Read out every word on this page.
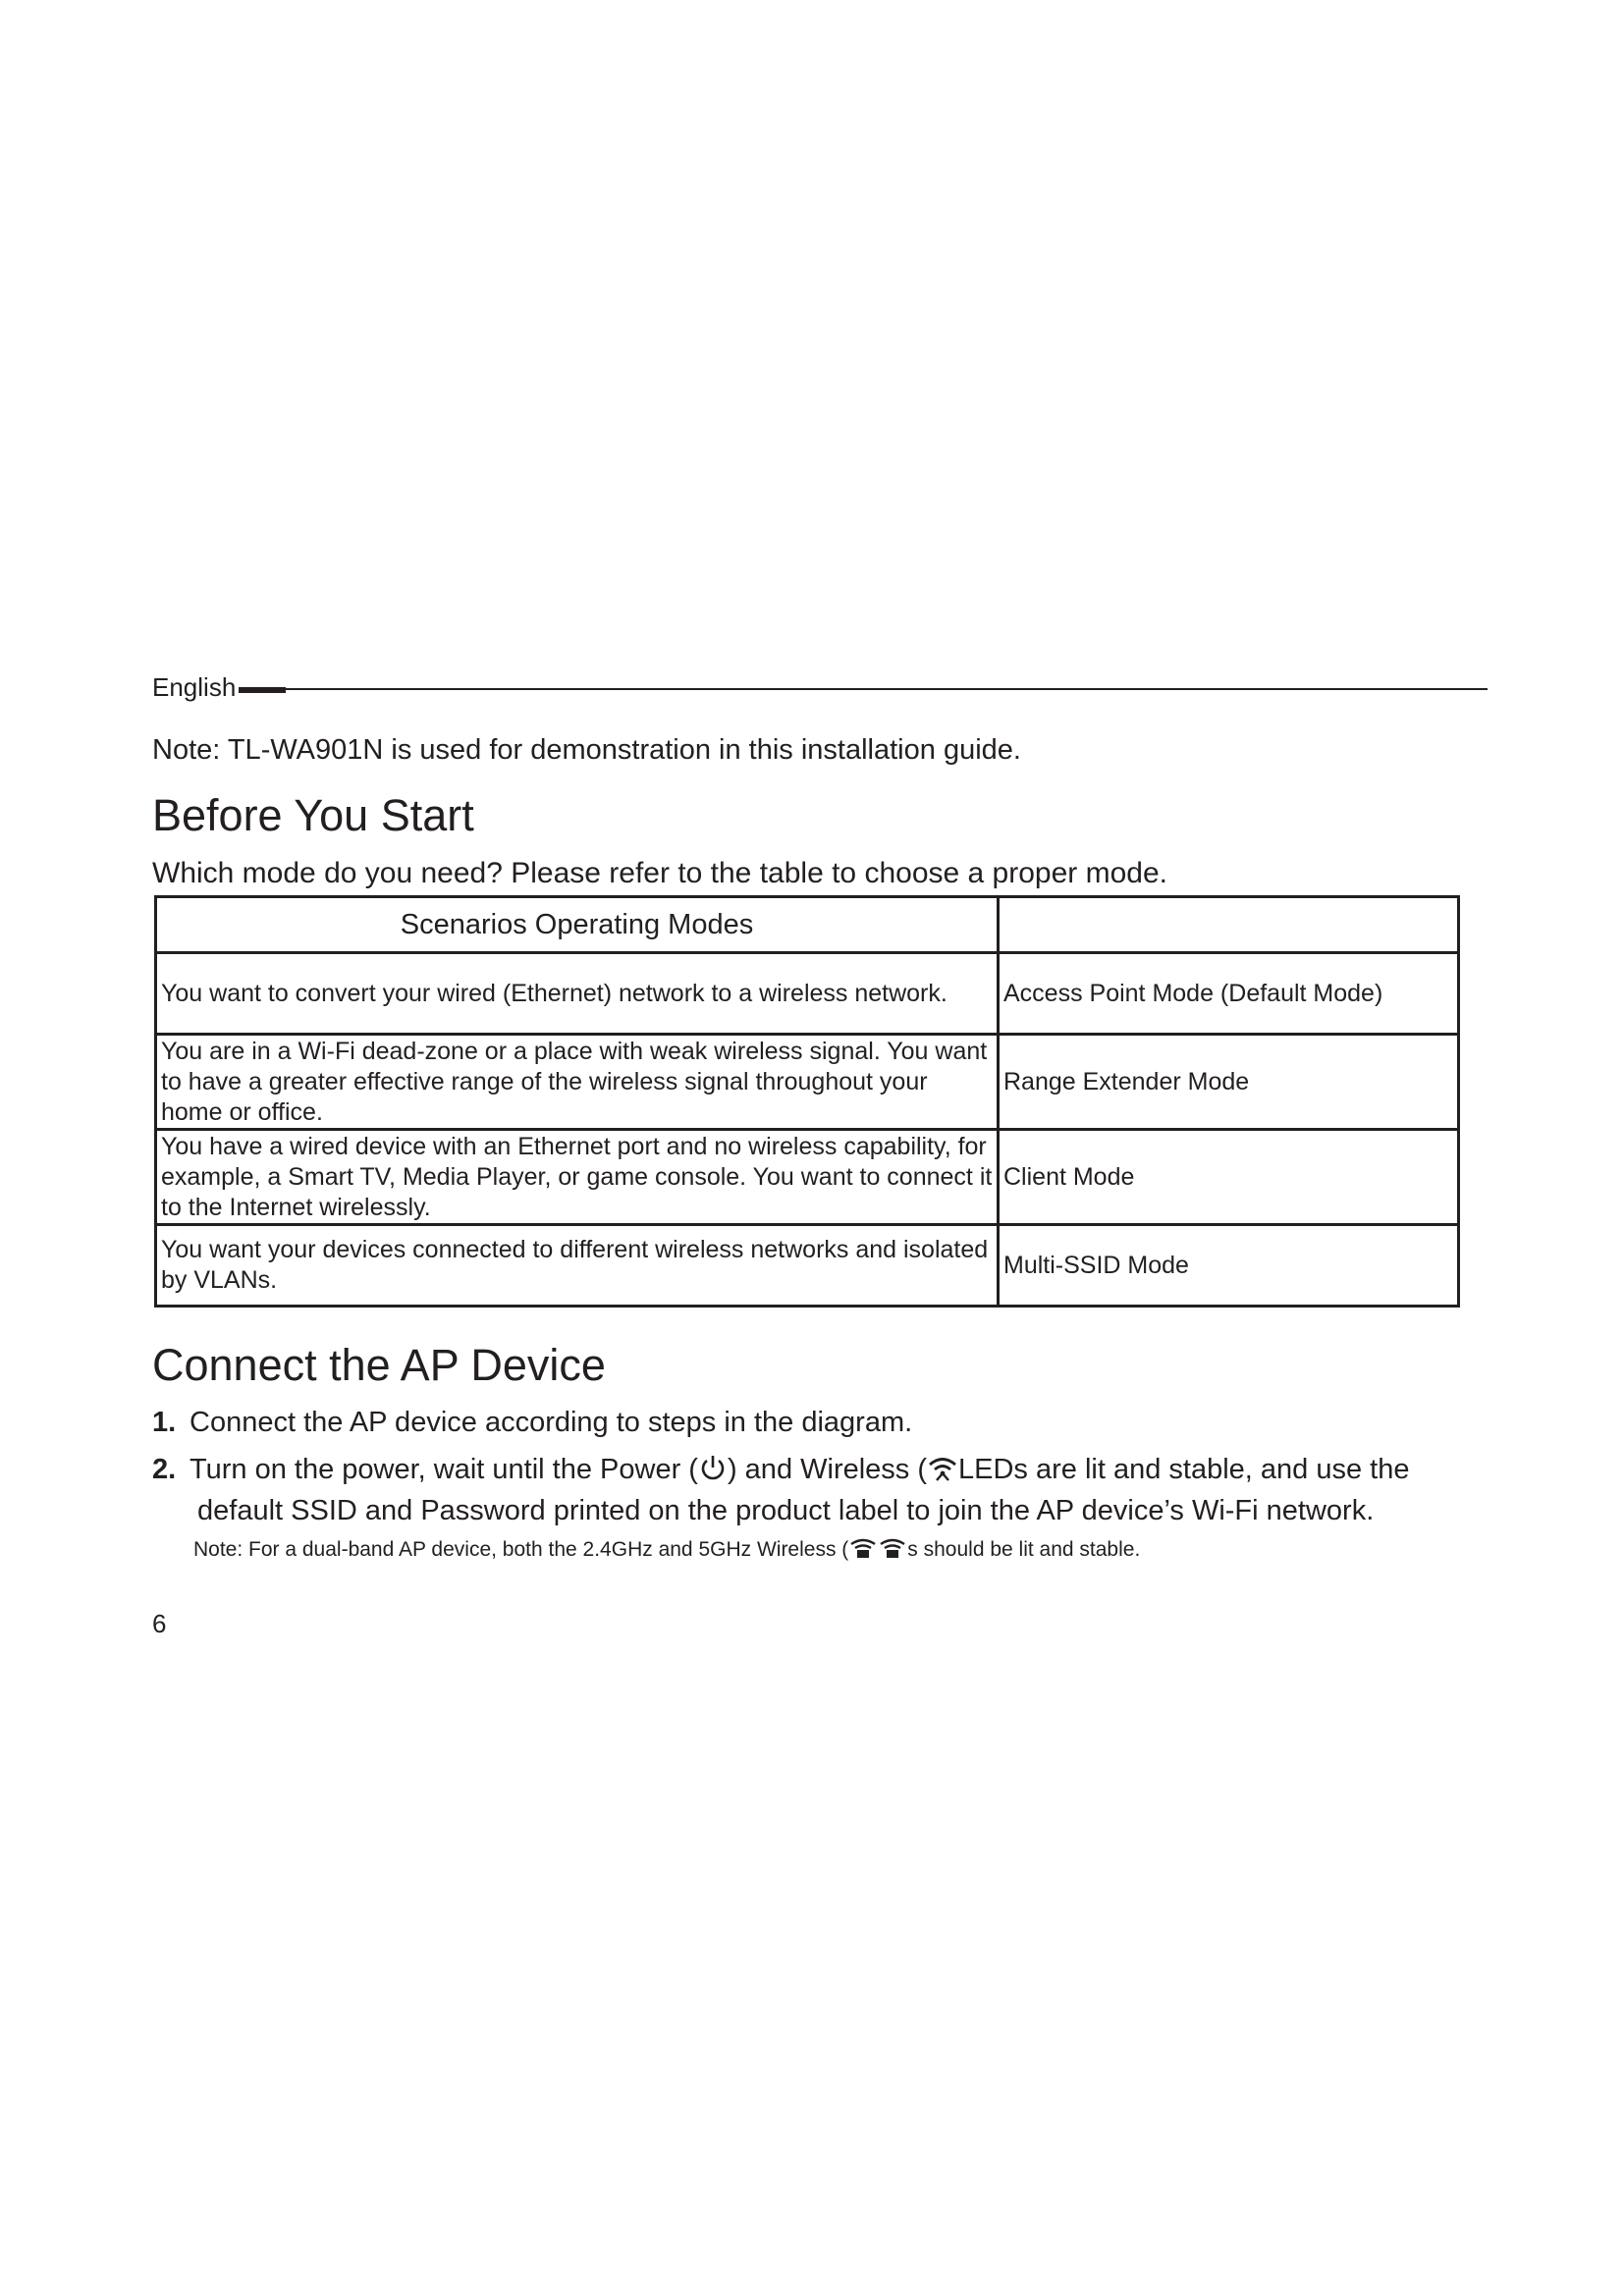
English
Note: TL-WA901N is used for demonstration in this installation guide.
Before You Start
Which mode do you need? Please refer to the table to choose a proper mode.
Scenarios Operating Modes	
You want to convert your wired (Ethernet) network to a wireless network.	Access Point Mode (Default Mode)
You are in a Wi-Fi dead-zone or a place with weak wireless signal. You want to have a greater effective range of the wireless signal throughout your home or office.	Range Extender Mode
You have a wired device with an Ethernet port and no wireless capability, for example, a Smart TV, Media Player, or game console. You want to connect it to the Internet wirelessly.	Client Mode
You want your devices connected to different wireless networks and isolated by VLANs.	Multi-SSID Mode
Connect the AP Device
1. Connect the AP device according to steps in the diagram.
2. Turn on the power, wait until the Power ( ) and Wireless ( LEDs are lit and stable, and use the
default SSID and Password printed on the product label to join the AP device’s Wi-Fi network.
Note: For a dual-band AP device, both the 2.4GHz and 5GHz Wireless (	s should be lit and stable.
6
